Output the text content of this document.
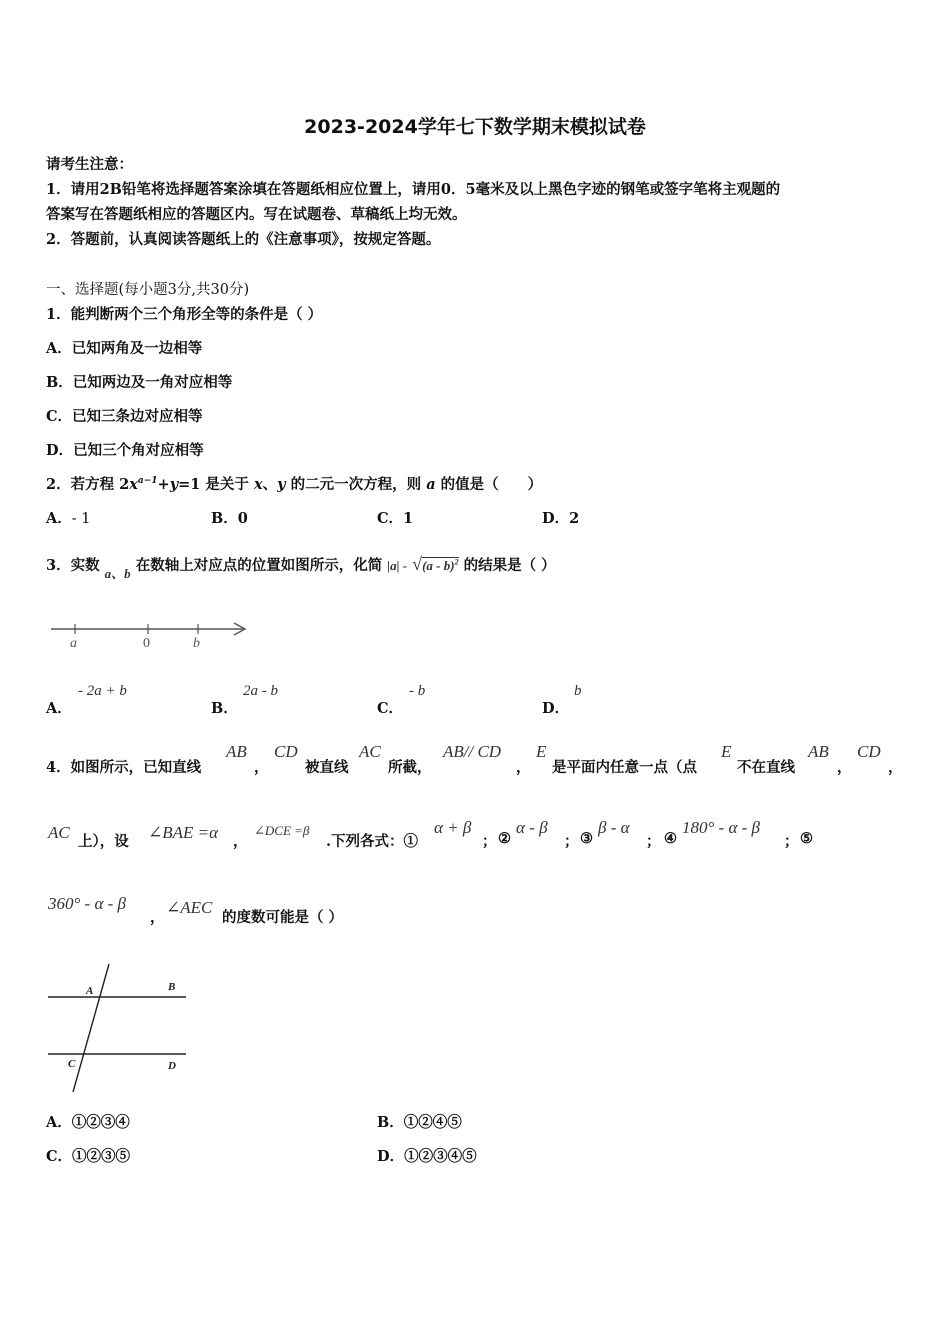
2023-2024学年七下数学期末模拟试卷
请考生注意：
1．请用2B铅笔将选择题答案涂填在答题纸相应位置上，请用0．5毫米及以上黑色字迹的钢笔或签字笔将主观题的
答案写在答题纸相应的答题区内。写在试题卷、草稿纸上均无效。
2．答题前，认真阅读答题纸上的《注意事项》，按规定答题。
一、选择题(每小题3分,共30分)
1．能判断两个三个角形全等的条件是（ ）
A．已知两角及一边相等
B．已知两边及一角对应相等
C．已知三条边对应相等
D．已知三个角对应相等
2．若方程 $2x^{a-1}+y=1$ 是关于 x、y 的二元一次方程，则 a 的值是（　　）
A．- 1	B．0	C．1	D．2
3．实数 a、b 在数轴上对应点的位置如图所示，化简 |a| - √(a - b)$^2$ 的结果是（ ）
a	0	b
A．
- 2a + b
B．
2a - b
C．
- b
D．
b
4．如图所示，已知直线
AB
，
CD
被直线
AC
所截，
AB// CD
，
E
是平面内任意一点（点
E
不在直线
AB
，
CD
，
AC 上），设 ∠BAE =α ，
∠DCE =β
.下列各式：①
α + β
； ②
α - β
； ③
β - α
； ④
180° - α - β
； ⑤
360° - α - β
，
∠AEC
的度数可能是（ ）
A	B
C	D
A．①②③④	B．①②④⑤
C．①②③⑤	D．①②③④⑤
